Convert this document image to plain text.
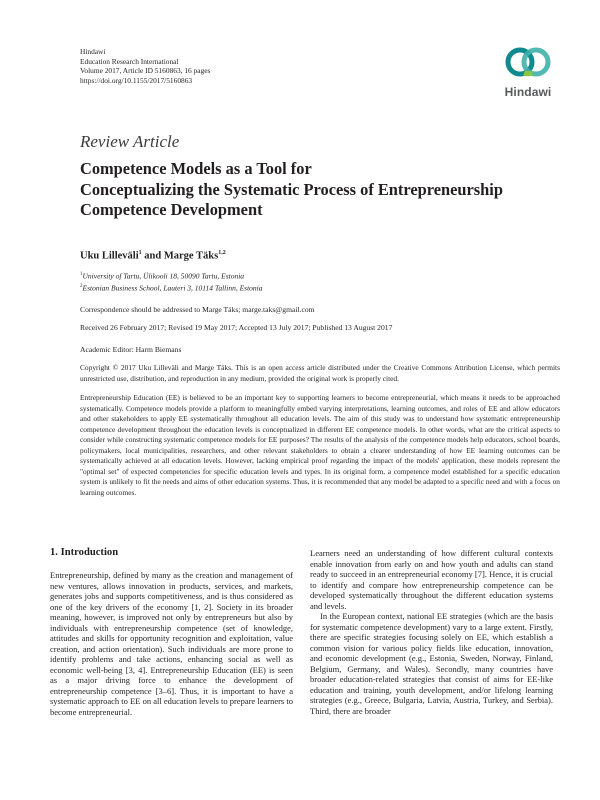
Hindawi
Education Research International
Volume 2017, Article ID 5160863, 16 pages
https://doi.org/10.1155/2017/5160863
Hindawi
Review Article
Competence Models as a Tool for
Conceptualizing the Systematic Process of Entrepreneurship
Competence Development
Uku Lilleväli$^1$ and Marge Täks$^{1,2}$
$^1$University of Tartu, Ülikooli 18, 50090 Tartu, Estonia
$^2$Estonian Business School, Lauteri 3, 10114 Tallinn, Estonia
Correspondence should be addressed to Marge Täks; marge.taks@gmail.com
Received 26 February 2017; Revised 19 May 2017; Accepted 13 July 2017; Published 13 August 2017
Academic Editor: Harm Biemans
Copyright © 2017 Uku Lilleväli and Marge Täks. This is an open access article distributed under the Creative Commons Attribution License, which permits unrestricted use, distribution, and reproduction in any medium, provided the original work is properly cited.
Entrepreneurship Education (EE) is believed to be an important key to supporting learners to become entrepreneurial, which means it needs to be approached systematically. Competence models provide a platform to meaningfully embed varying interpretations, learning outcomes, and roles of EE and allow educators and other stakeholders to apply EE systematically throughout all education levels. The aim of this study was to understand how systematic entrepreneurship competence development throughout the education levels is conceptualized in different EE competence models. In other words, what are the critical aspects to consider while constructing systematic competence models for EE purposes? The results of the analysis of the competence models help educators, school boards, policymakers, local municipalities, researchers, and other relevant stakeholders to obtain a clearer understanding of how EE learning outcomes can be systematically achieved at all education levels. However, lacking empirical proof regarding the impact of the models' application, these models represent the "optimal set" of expected competencies for specific education levels and types. In its original form, a competence model established for a specific education system is unlikely to fit the needs and aims of other education systems. Thus, it is recommended that any model be adapted to a specific need and with a focus on learning outcomes.
1. Introduction

Entrepreneurship, defined by many as the creation and management of new ventures, allows innovation in products, services, and markets, generates jobs and supports competitiveness, and is thus considered as one of the key drivers of the economy [1, 2]. Society in its broader meaning, however, is improved not only by entrepreneurs but also by individuals with entrepreneurship competence (set of knowledge, attitudes and skills for opportunity recognition and exploitation, value creation, and action orientation). Such individuals are more prone to identify problems and take actions, enhancing social as well as economic well-being [3, 4]. Entrepreneurship Education (EE) is seen as a major driving force to enhance the development of entrepreneurship competence [3–6]. Thus, it is important to have a systematic approach to EE on all education levels to prepare learners to become entrepreneurial.

Learners need an understanding of how different cultural contexts enable innovation from early on and how youth and adults can stand ready to succeed in an entrepreneurial economy [7]. Hence, it is crucial to identify and compare how entrepreneurship competence can be developed systematically throughout the different education systems and levels.

In the European context, national EE strategies (which are the basis for systematic competence development) vary to a large extent. Firstly, there are specific strategies focusing solely on EE, which establish a common vision for various policy fields like education, innovation, and economic development (e.g., Estonia, Sweden, Norway, Finland, Belgium, Germany, and Wales). Secondly, many countries have broader education-related strategies that consist of aims for EE-like education and training, youth development, and/or lifelong learning strategies (e.g., Greece, Bulgaria, Latvia, Austria, Turkey, and Serbia). Third, there are broader
